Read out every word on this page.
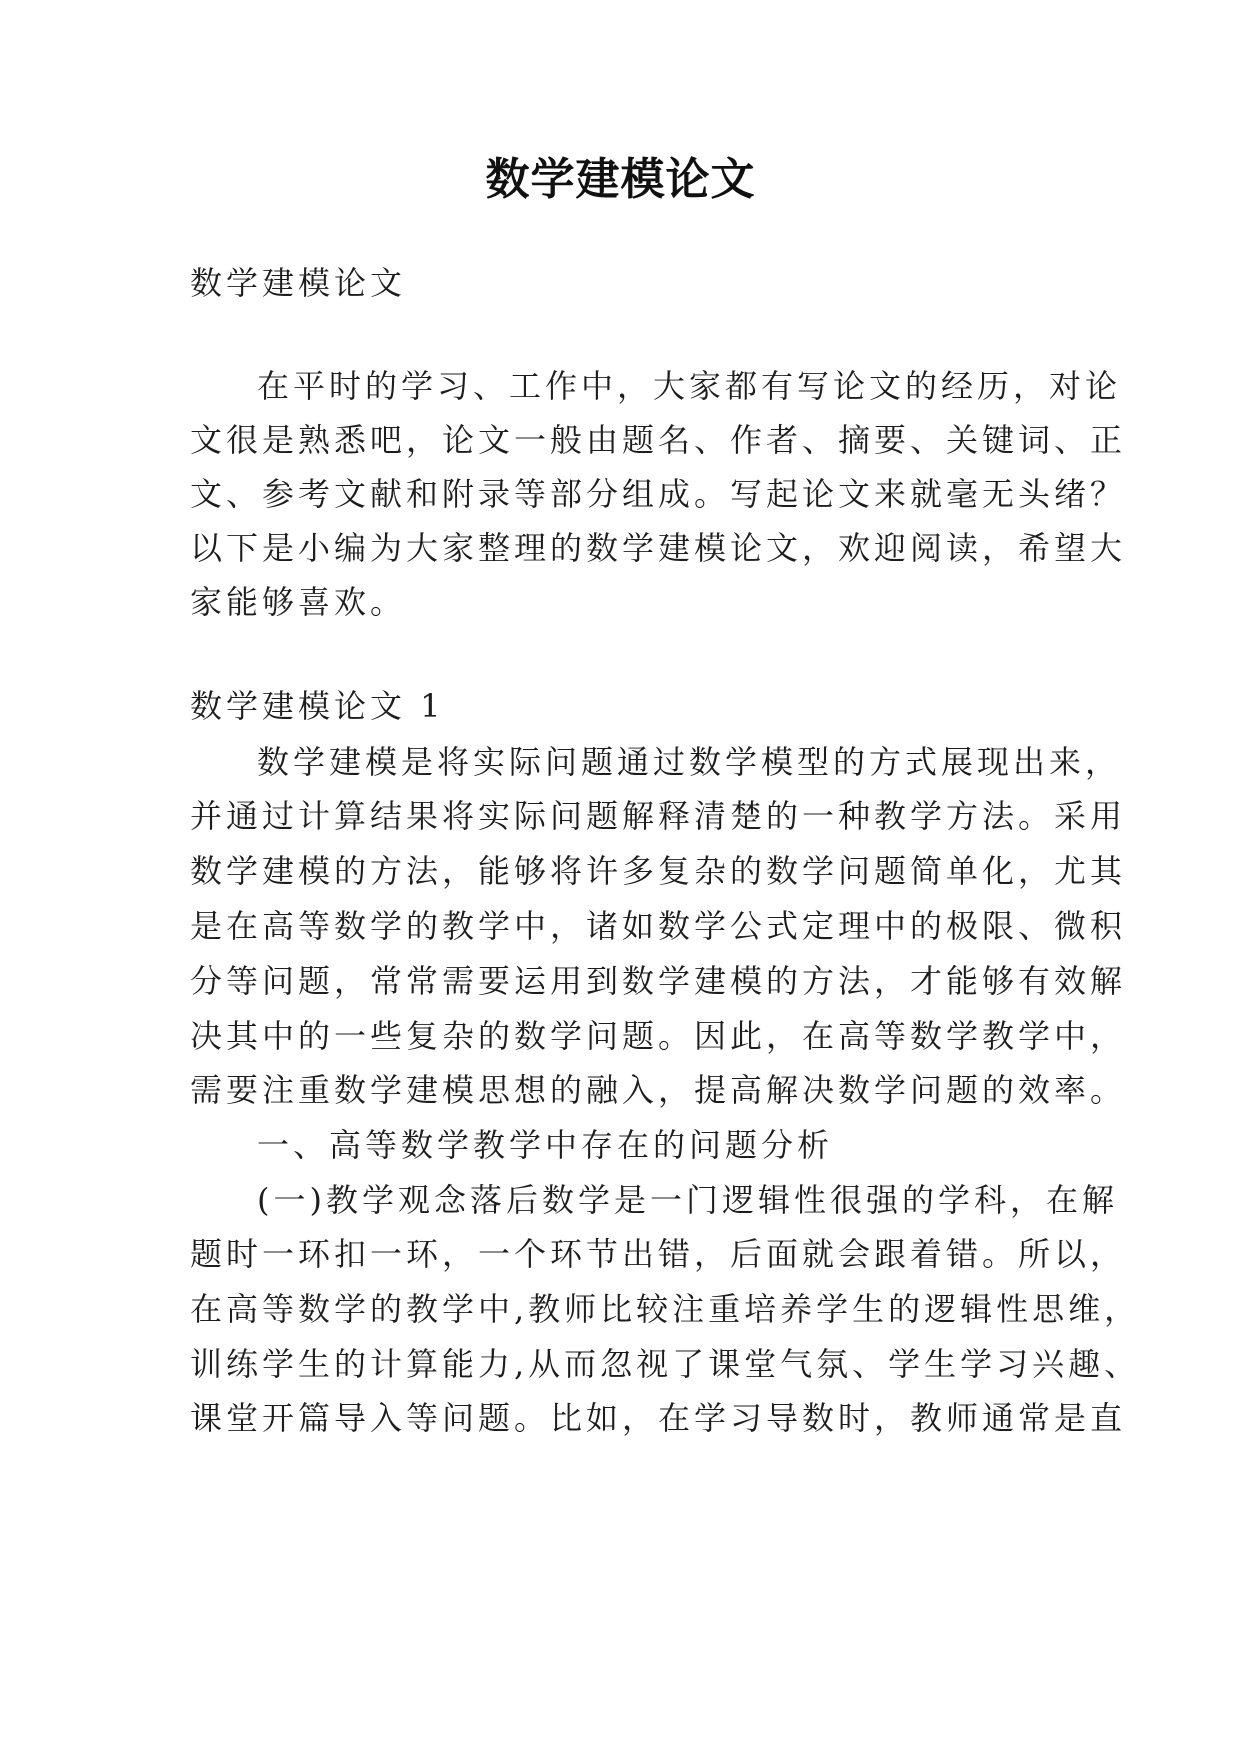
数学建模论文
数学建模论文
在平时的学习、工作中，大家都有写论文的经历，对论
文很是熟悉吧，论文一般由题名、作者、摘要、关键词、正
文、参考文献和附录等部分组成。写起论文来就毫无头绪？
以下是小编为大家整理的数学建模论文，欢迎阅读，希望大
家能够喜欢。
数学建模论文 1
数学建模是将实际问题通过数学模型的方式展现出来，
并通过计算结果将实际问题解释清楚的一种教学方法。采用
数学建模的方法，能够将许多复杂的数学问题简单化，尤其
是在高等数学的教学中，诸如数学公式定理中的极限、微积
分等问题，常常需要运用到数学建模的方法，才能够有效解
决其中的一些复杂的数学问题。因此，在高等数学教学中，
需要注重数学建模思想的融入，提高解决数学问题的效率。
一、高等数学教学中存在的问题分析
(一)教学观念落后数学是一门逻辑性很强的学科，在解
题时一环扣一环，一个环节出错，后面就会跟着错。所以，
在高等数学的教学中,教师比较注重培养学生的逻辑性思维，
训练学生的计算能力,从而忽视了课堂气氛、学生学习兴趣、
课堂开篇导入等问题。比如，在学习导数时，教师通常是直
